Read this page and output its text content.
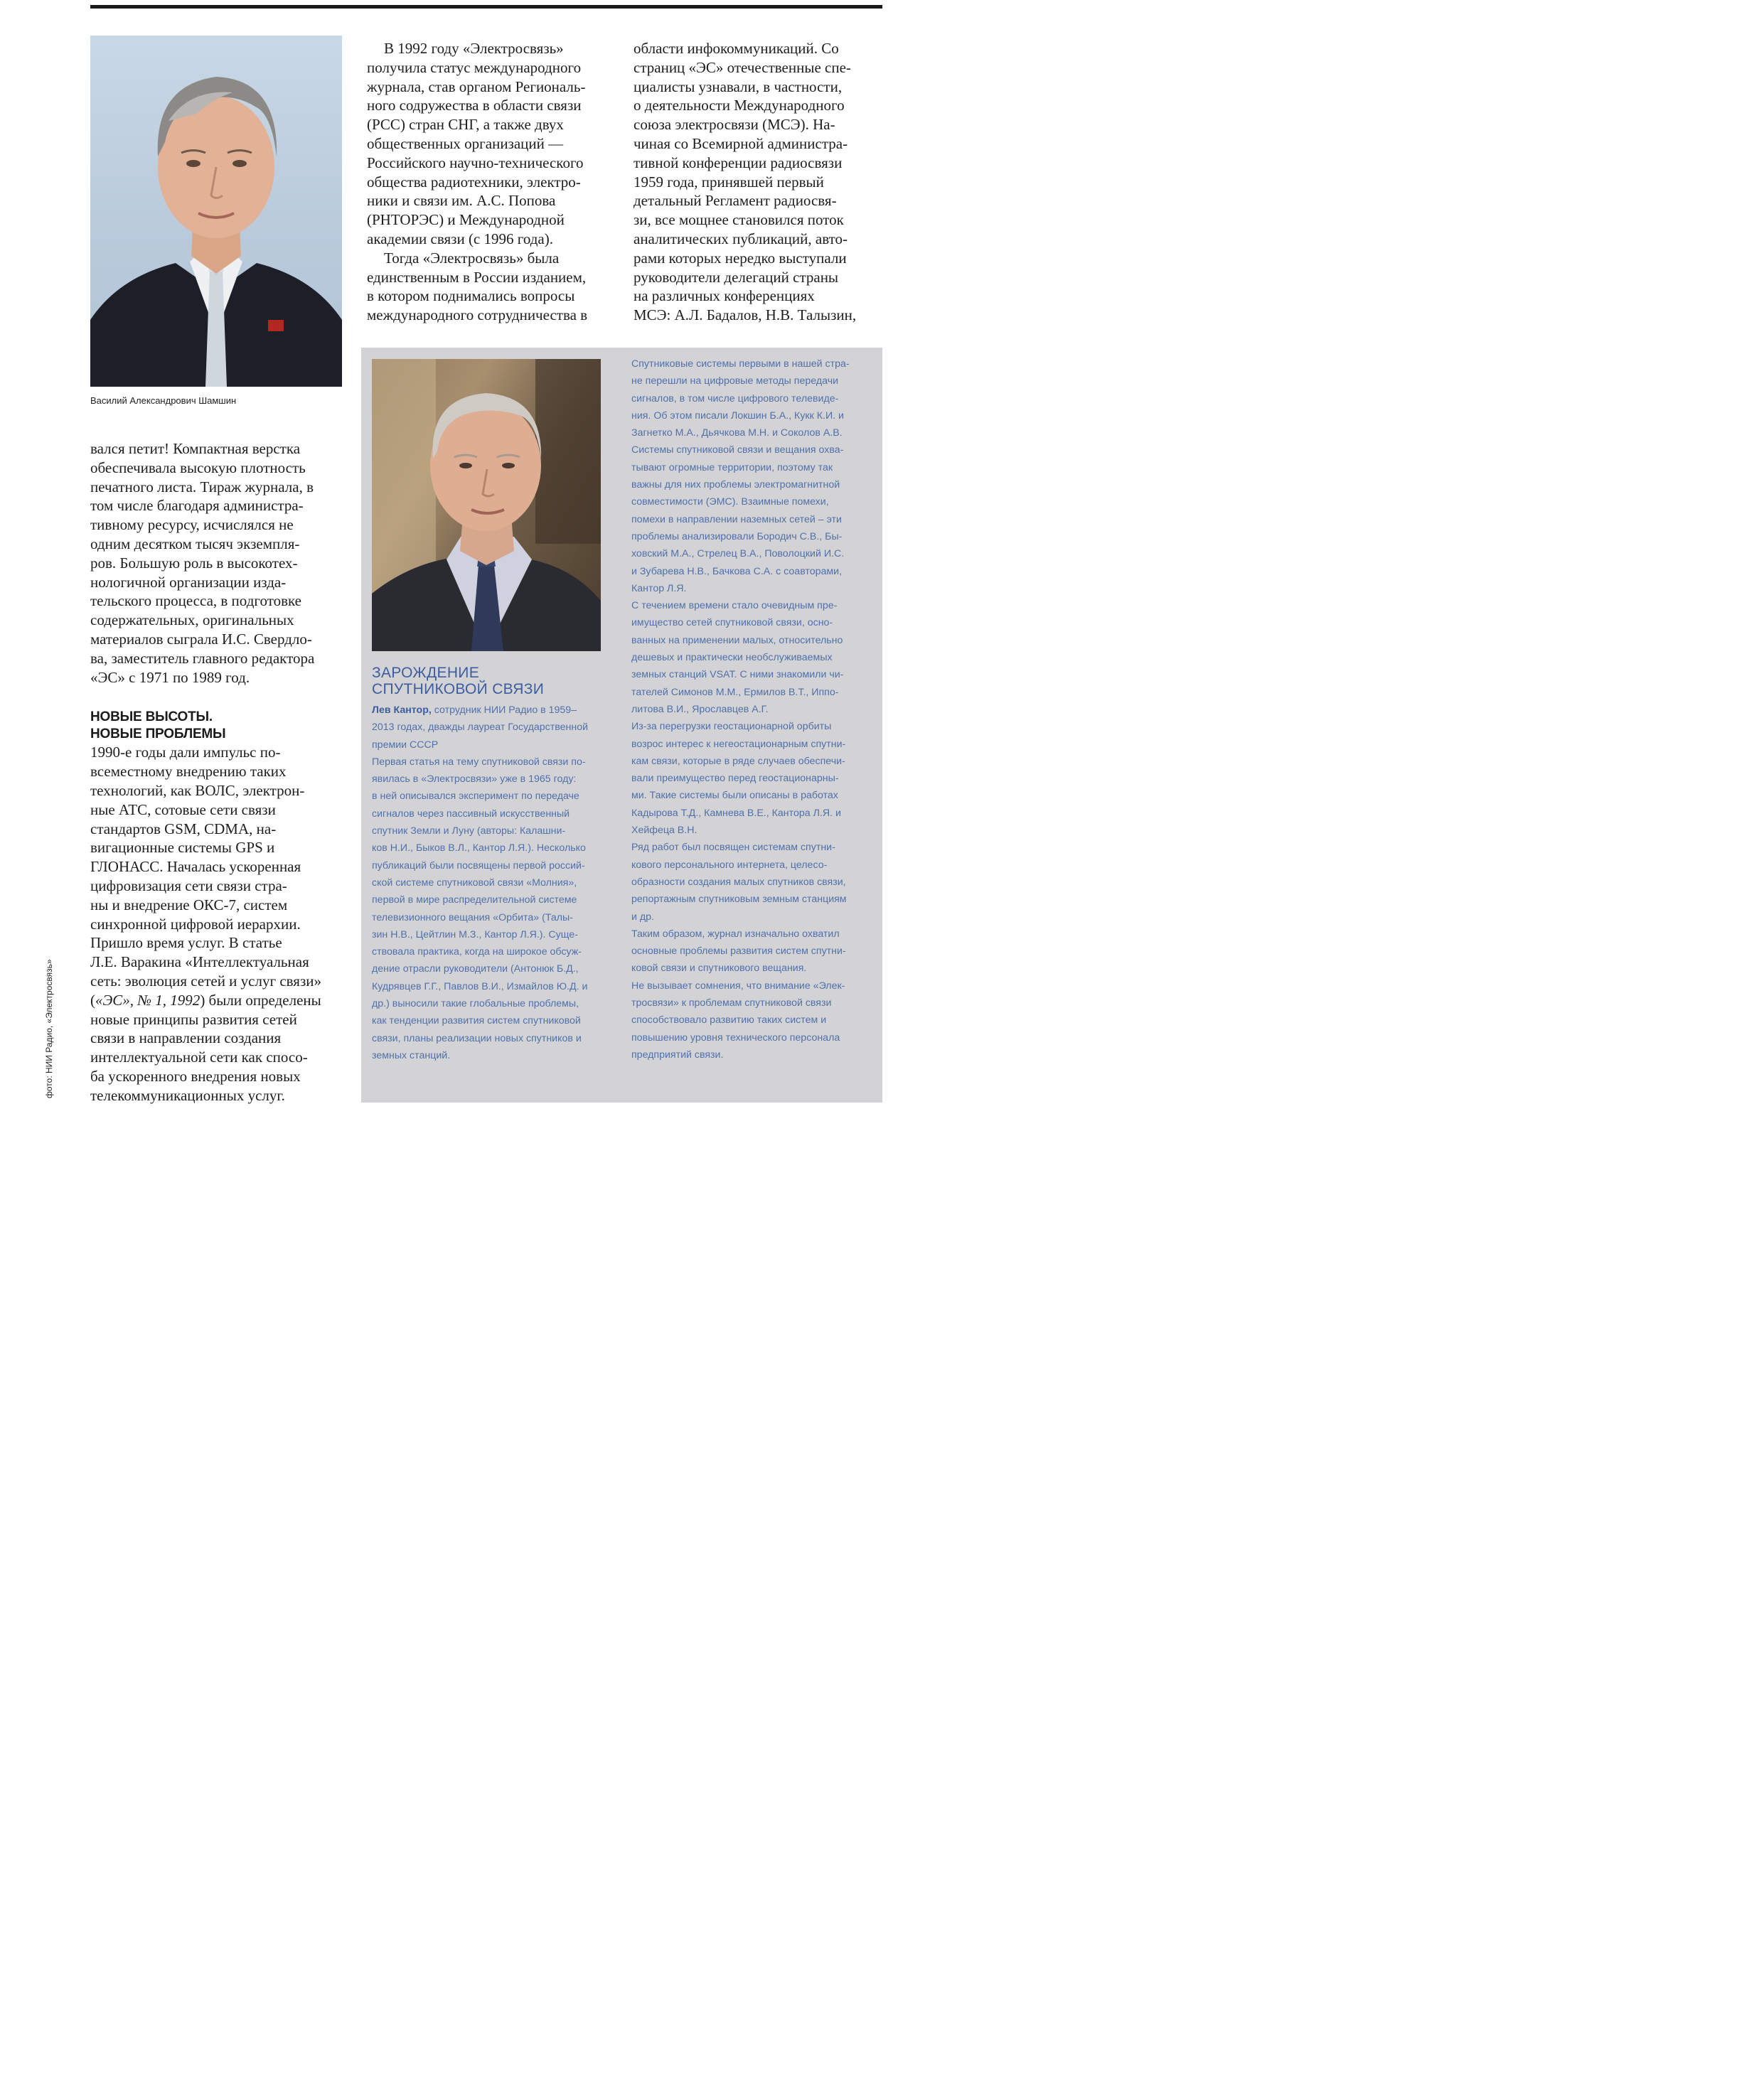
Василий Александрович Шамшин

В 1992 году «Электросвязь»
получила статус международного
журнала, став органом Региональ-
ного содружества в области связи
(РСС) стран СНГ, а также двух
общественных организаций —
Российского научно-технического
общества радиотехники, электро-
ники и связи им. А.С. Попова
(РНТОРЭС) и Международной
академии связи (с 1996 года).

Тогда «Электросвязь» была
единственным в России изданием,
в котором поднимались вопросы
международного сотрудничества в

области инфокоммуникаций. Со
страниц «ЭС» отечественные спе-
циалисты узнавали, в частности,
о деятельности Международного
союза электросвязи (МСЭ). На-
чиная со Всемирной администра-
тивной конференции радиосвязи
1959 года, принявшей первый
детальный Регламент радиосвя-
зи, все мощнее становился поток
аналитических публикаций, авто-
рами которых нередко выступали
руководители делегаций страны
на различных конференциях
МСЭ: А.Л. Бадалов, Н.В. Талызин,

вался петит! Компактная верстка
обеспечивала высокую плотность
печатного листа. Тираж журнала, в
том числе благодаря администра-
тивному ресурсу, исчислялся не
одним десятком тысяч экземпля-
ров. Большую роль в высокотех-
нологичной организации изда-
тельского процесса, в подготовке
содержательных, оригинальных
материалов сыграла И.С. Свердло-
ва, заместитель главного редактора
«ЭС» с 1971 по 1989 год.

НОВЫЕ ВЫСОТЫ.
НОВЫЕ ПРОБЛЕМЫ

1990-е годы дали импульс по-
всеместному внедрению таких
технологий, как ВОЛС, электрон-
ные АТС, сотовые сети связи
стандартов GSM, CDMA, на-
вигационные системы GPS и
ГЛОНАСС. Началась ускоренная
цифровизация сети связи стра-
ны и внедрение ОКС-7, систем
синхронной цифровой иерархии.
Пришло время услуг. В статье
Л.Е. Варакина «Интеллектуальная
сеть: эволюция сетей и услуг связи»
(«ЭС», № 1, 1992) были определены
новые принципы развития сетей
связи в направлении создания
интеллектуальной сети как спосо-
ба ускоренного внедрения новых
телекоммуникационных услуг.

ЗАРОЖДЕНИЕ
СПУТНИКОВОЙ СВЯЗИ

Лев Кантор, сотрудник НИИ Радио в 1959–
2013 годах, дважды лауреат Государственной
премии СССР

Первая статья на тему спутниковой связи по-
явилась в «Электросвязи» уже в 1965 году:
в ней описывался эксперимент по передаче
сигналов через пассивный искусственный
спутник Земли и Луну (авторы: Калашни-
ков Н.И., Быков В.Л., Кантор Л.Я.). Несколько
публикаций были посвящены первой россий-
ской системе спутниковой связи «Молния»,
первой в мире распределительной системе
телевизионного вещания «Орбита» (Талы-
зин Н.В., Цейтлин М.З., Кантор Л.Я.). Суще-
ствовала практика, когда на широкое обсуж-
дение отрасли руководители (Антонюк Б.Д.,
Кудрявцев Г.Г., Павлов В.И., Измайлов Ю.Д. и
др.) выносили такие глобальные проблемы,
как тенденции развития систем спутниковой
связи, планы реализации новых спутников и
земных станций.

Спутниковые системы первыми в нашей стра-
не перешли на цифровые методы передачи
сигналов, в том числе цифрового телевиде-
ния. Об этом писали Локшин Б.А., Кукк К.И. и
Загнетко М.А., Дьячкова М.Н. и Соколов А.В.
Системы спутниковой связи и вещания охва-
тывают огромные территории, поэтому так
важны для них проблемы электромагнитной
совместимости (ЭМС). Взаимные помехи,
помехи в направлении наземных сетей – эти
проблемы анализировали Бородич С.В., Бы-
ховский М.А., Стрелец В.А., Поволоцкий И.С.
и Зубарева Н.В., Бачкова С.А. с соавторами,
Кантор Л.Я.
С течением времени стало очевидным пре-
имущество сетей спутниковой связи, осно-
ванных на применении малых, относительно
дешевых и практически необслуживаемых
земных станций VSAT. С ними знакомили чи-
тателей Симонов М.М., Ермилов В.Т., Иппо-
литова В.И., Ярославцев А.Г.
Из-за перегрузки геостационарной орбиты
возрос интерес к негеостационарным спутни-
кам связи, которые в ряде случаев обеспечи-
вали преимущество перед геостационарны-
ми. Такие системы были описаны в работах
Кадырова Т.Д., Камнева В.Е., Кантора Л.Я. и
Хейфеца В.Н.
Ряд работ был посвящен системам спутни-
кового персонального интернета, целесо-
образности создания малых спутников связи,
репортажным спутниковым земным станциям
и др.
Таким образом, журнал изначально охватил
основные проблемы развития систем спутни-
ковой связи и спутникового вещания.
Не вызывает сомнения, что внимание «Элек-
тросвязи» к проблемам спутниковой связи
способствовало развитию таких систем и
повышению уровня технического персонала
предприятий связи.

фото: НИИ Радио, «Электросвязь»
